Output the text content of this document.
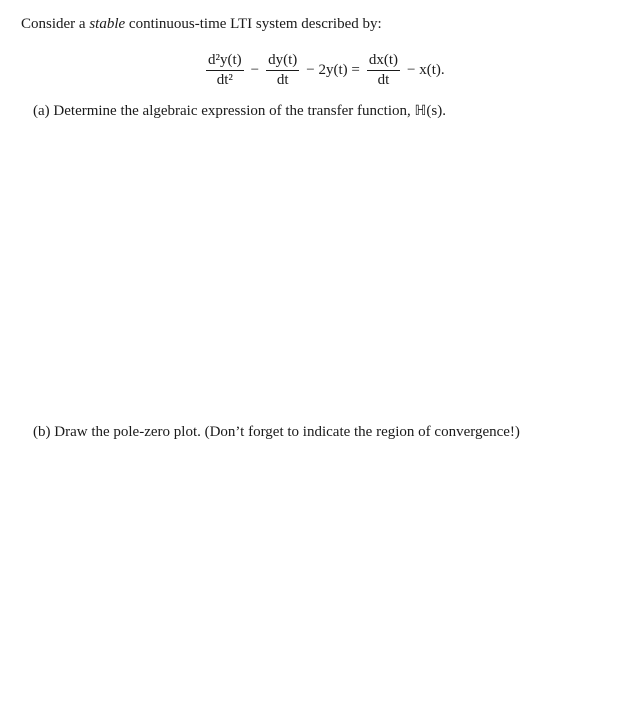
Consider a stable continuous-time LTI system described by:
$\frac{\text{d²y(t)}}{\text{dt²}} - \frac{dy(t)}{dt} - 2y(t) = \frac{dx(t)}{dt} - x(t)$.
(a) Determine the algebraic expression of the transfer function, ℍ(s).
(b) Draw the pole-zero plot. (Don’t forget to indicate the region of convergence!)
